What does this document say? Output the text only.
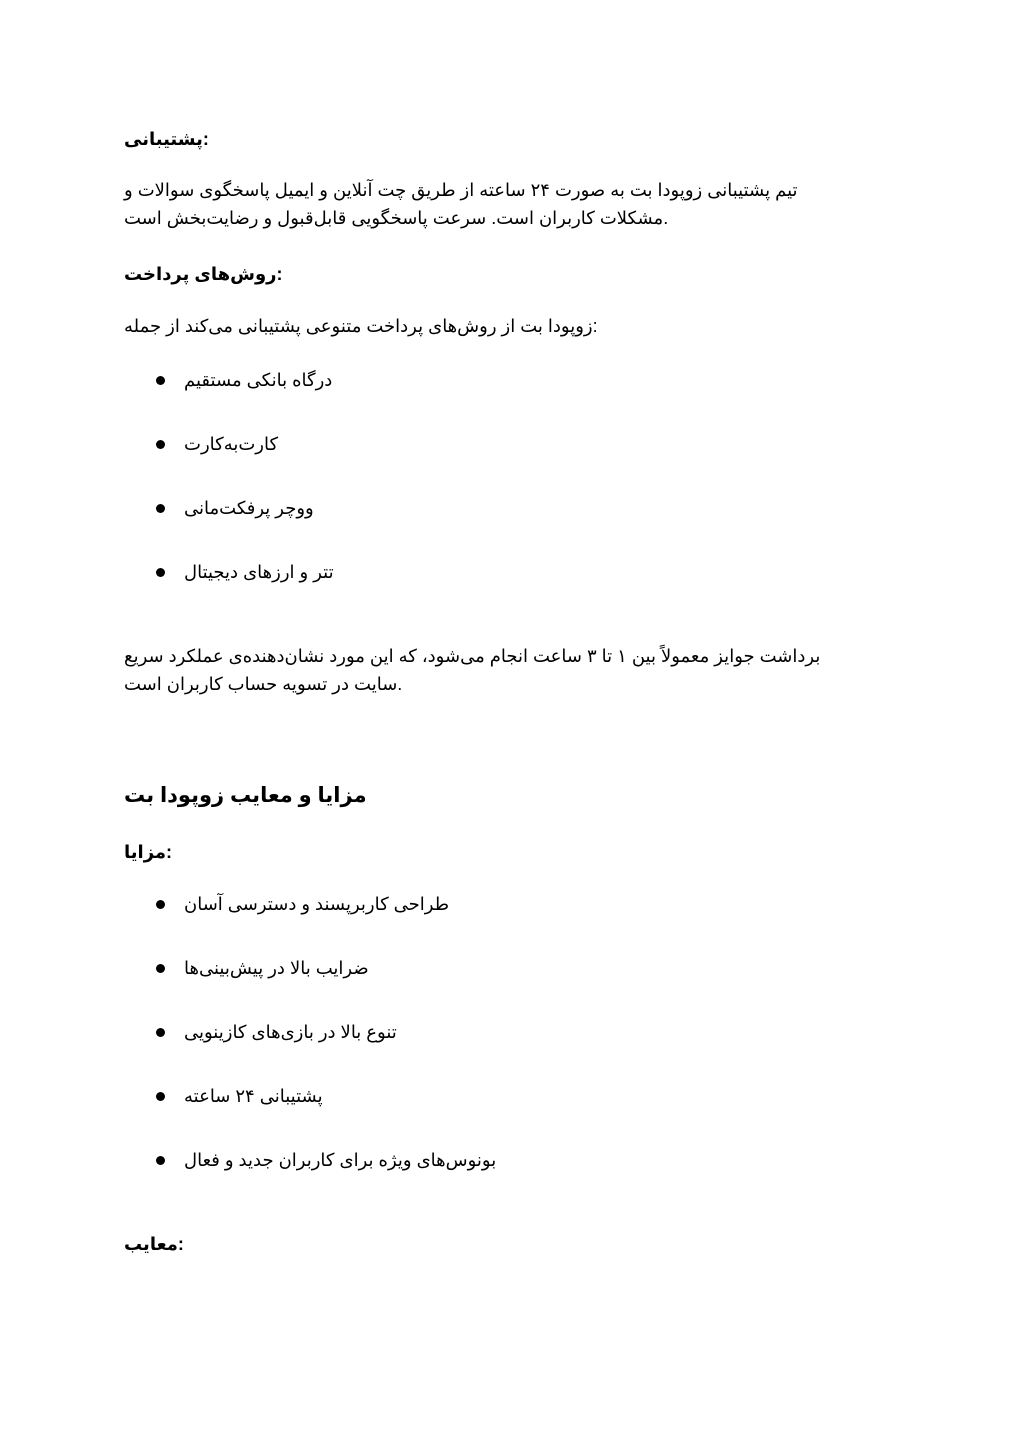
پشتیبانی:
تیم پشتیبانی زوپودا بت به صورت ۲۴ ساعته از طریق چت آنلاین و ایمیل پاسخگوی سوالات و
مشکلات کاربران است. سرعت پاسخگویی قابل‌قبول و رضایت‌بخش است.
روش‌های پرداخت:
زوپودا بت از روش‌های پرداخت متنوعی پشتیبانی می‌کند از جمله:
درگاه بانکی مستقیم
کارت‌به‌کارت
ووچر پرفکت‌مانی
تتر و ارزهای دیجیتال
برداشت جوایز معمولاً بین ۱ تا ۳ ساعت انجام می‌شود، که این مورد نشان‌دهنده‌ی عملکرد سریع
سایت در تسویه حساب کاربران است.
مزایا و معایب زوپودا بت
مزایا:
طراحی کاربرپسند و دسترسی آسان
ضرایب بالا در پیش‌بینی‌ها
تنوع بالا در بازی‌های کازینویی
پشتیبانی ۲۴ ساعته
بونوس‌های ویژه برای کاربران جدید و فعال
معایب:
